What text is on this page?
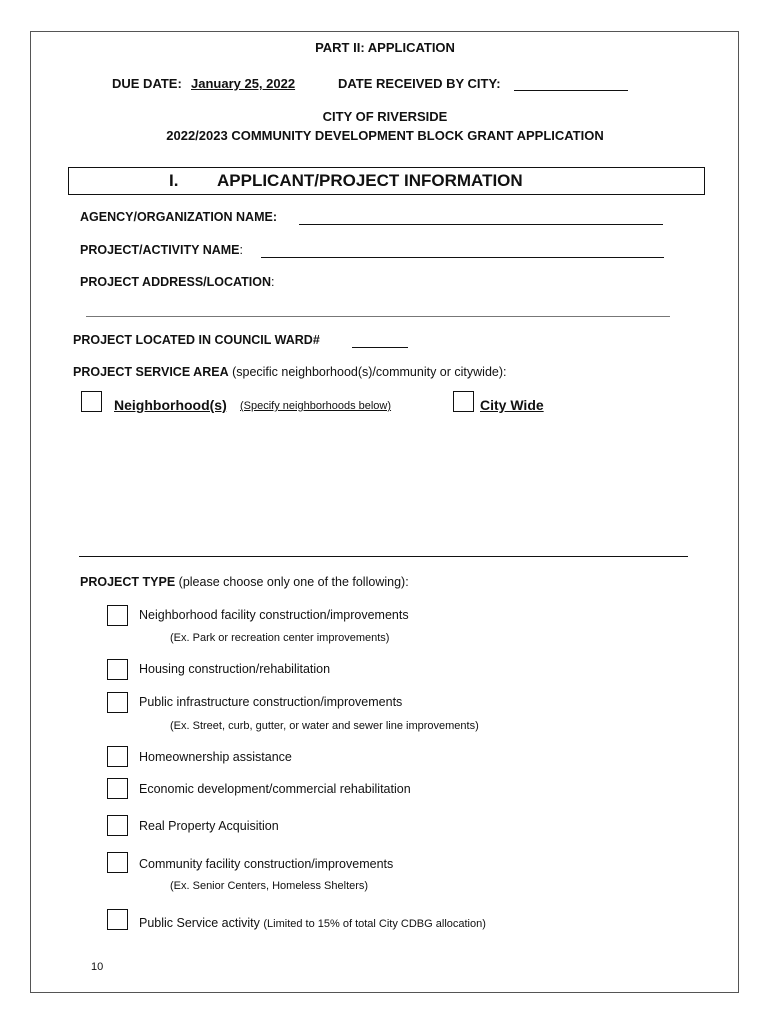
PART II: APPLICATION
DUE DATE: January 25, 2022	DATE RECEIVED BY CITY:
CITY OF RIVERSIDE
2022/2023 COMMUNITY DEVELOPMENT BLOCK GRANT APPLICATION
I. APPLICANT/PROJECT INFORMATION
AGENCY/ORGANIZATION NAME:
PROJECT/ACTIVITY NAME:
PROJECT ADDRESS/LOCATION:
PROJECT LOCATED IN COUNCIL WARD#
PROJECT SERVICE AREA (specific neighborhood(s)/community or citywide):
Neighborhood(s) (Specify neighborhoods below)	City Wide
PROJECT TYPE (please choose only one of the following):
Neighborhood facility construction/improvements
(Ex. Park or recreation center improvements)
Housing construction/rehabilitation
Public infrastructure construction/improvements
(Ex. Street, curb, gutter, or water and sewer line improvements)
Homeownership assistance
Economic development/commercial rehabilitation
Real Property Acquisition
Community facility construction/improvements
(Ex. Senior Centers, Homeless Shelters)
Public Service activity (Limited to 15% of total City CDBG allocation)
10
